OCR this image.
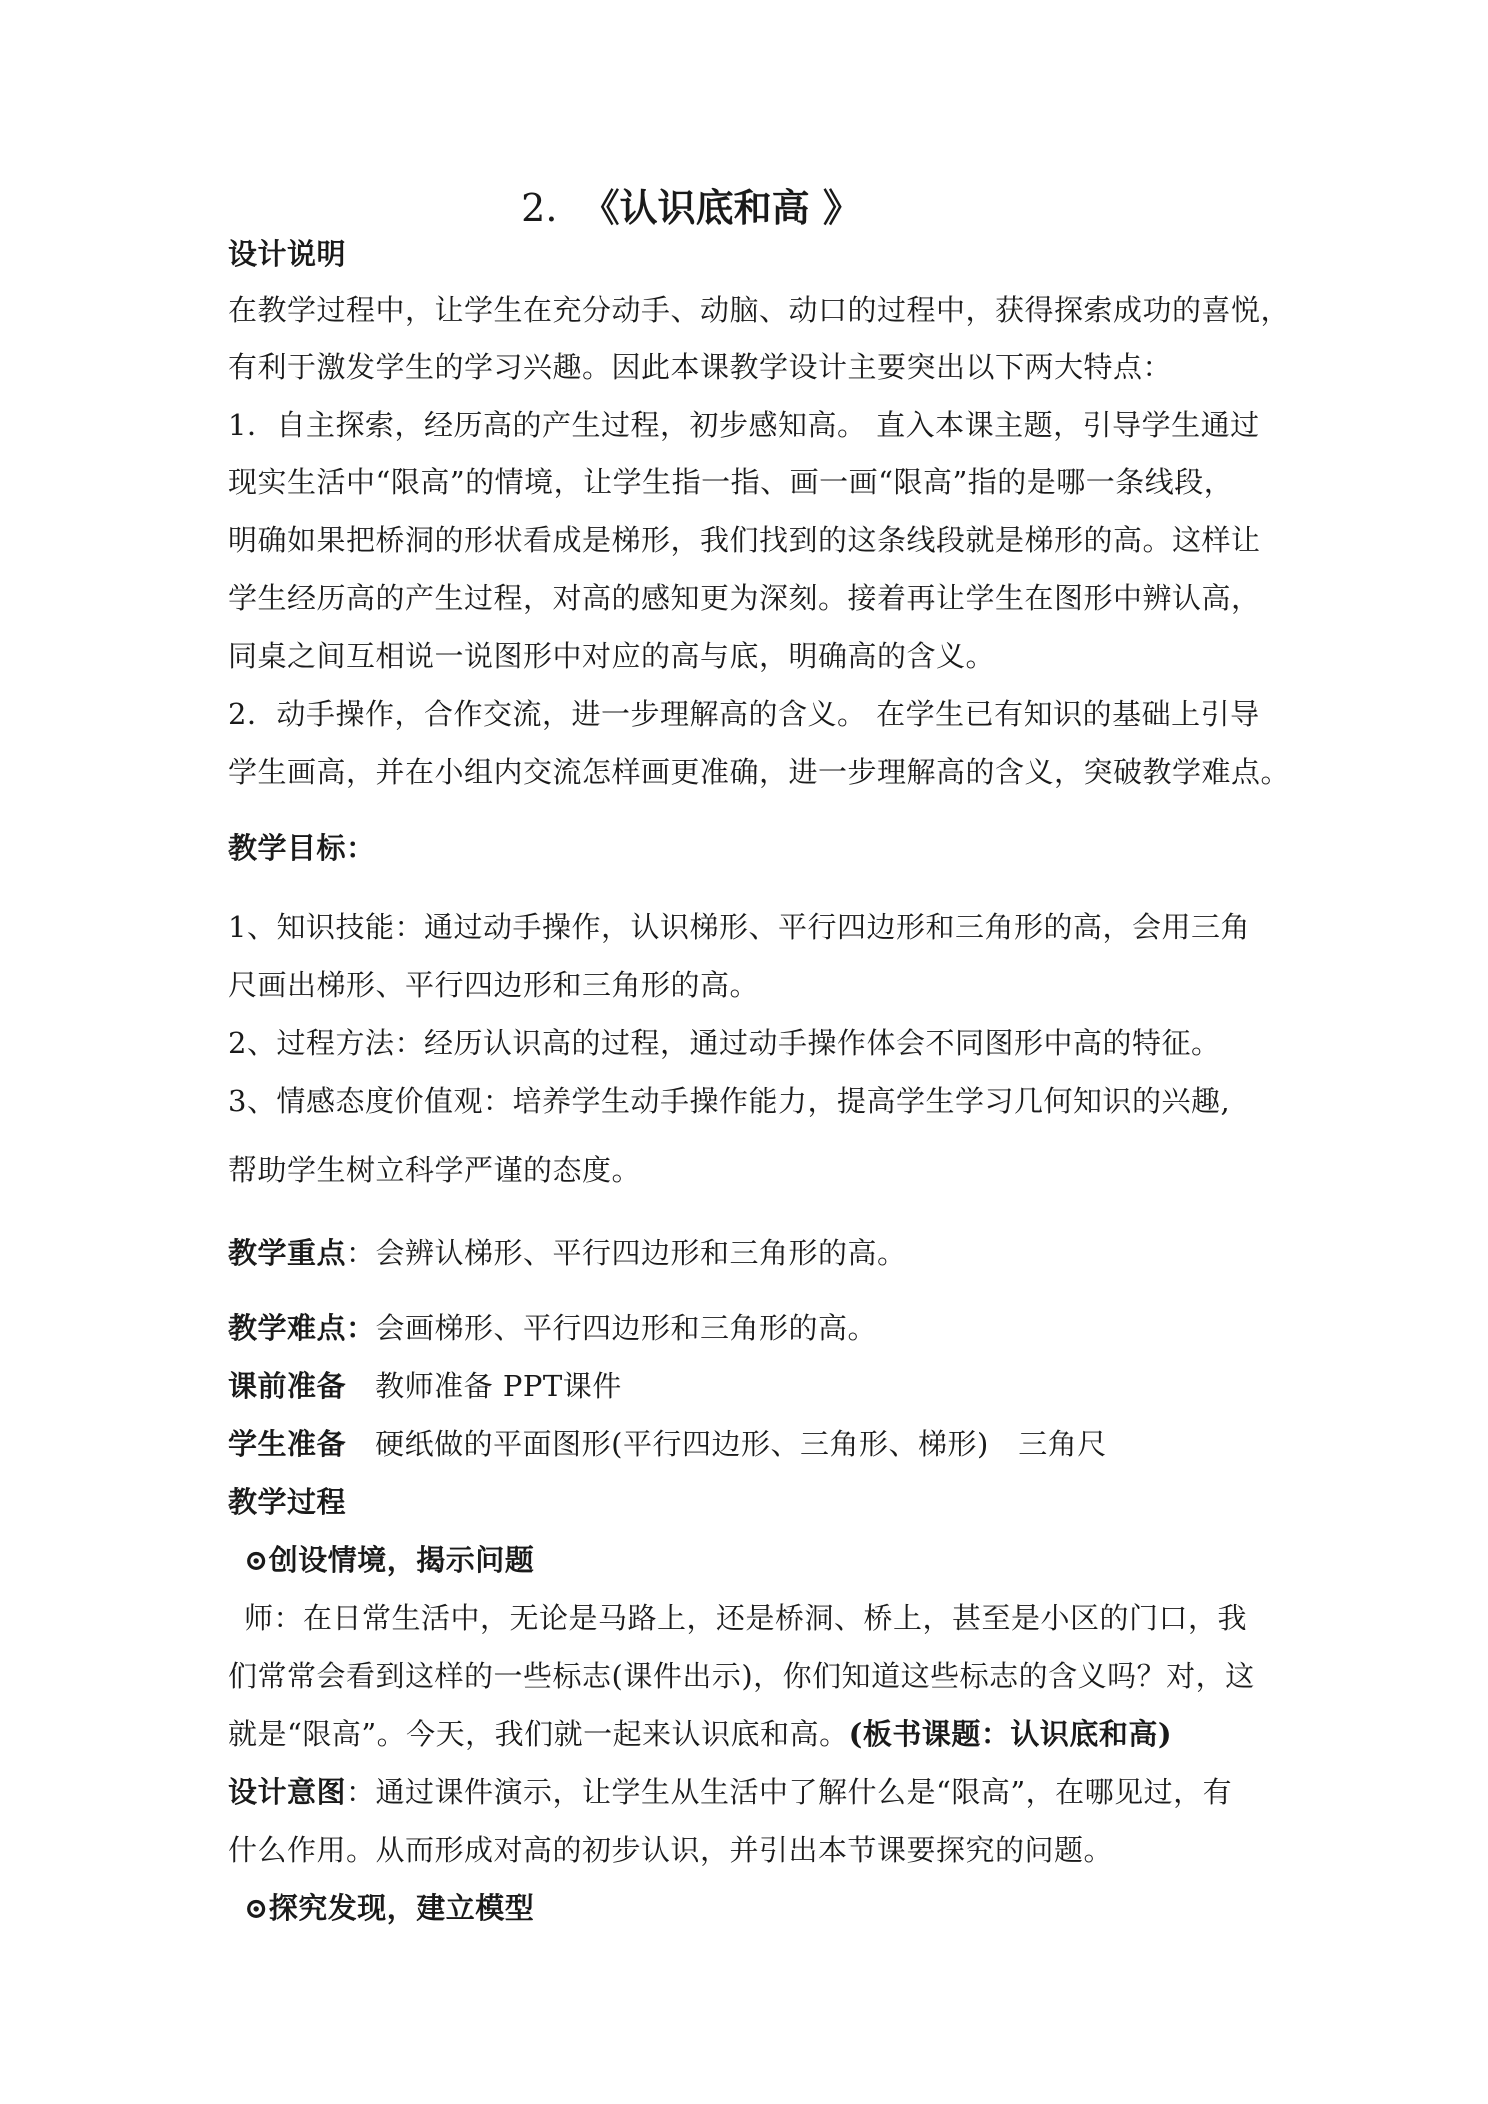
2. 《认识底和高 》
设计说明
在教学过程中，让学生在充分动手、动脑、动口的过程中，获得探索成功的喜悦，
有利于激发学生的学习兴趣。因此本课教学设计主要突出以下两大特点：
1．自主探索，经历高的产生过程，初步感知高。 直入本课主题，引导学生通过
现实生活中“限高”的情境，让学生指一指、画一画“限高”指的是哪一条线段，
明确如果把桥洞的形状看成是梯形，我们找到的这条线段就是梯形的高。这样让
学生经历高的产生过程，对高的感知更为深刻。接着再让学生在图形中辨认高，
同桌之间互相说一说图形中对应的高与底，明确高的含义。
2．动手操作，合作交流，进一步理解高的含义。 在学生已有知识的基础上引导
学生画高，并在小组内交流怎样画更准确，进一步理解高的含义，突破教学难点。
教学目标：
1、知识技能：通过动手操作，认识梯形、平行四边形和三角形的高，会用三角
尺画出梯形、平行四边形和三角形的高。
2、过程方法：经历认识高的过程，通过动手操作体会不同图形中高的特征。
3、情感态度价值观：培养学生动手操作能力，提高学生学习几何知识的兴趣,
帮助学生树立科学严谨的态度。
教学重点：会辨认梯形、平行四边形和三角形的高。
教学难点：会画梯形、平行四边形和三角形的高。
课前准备 教师准备 PPT课件
学生准备 硬纸做的平面图形(平行四边形、三角形、梯形)　三角尺
教学过程
⊙创设情境，揭示问题
师：在日常生活中，无论是马路上，还是桥洞、桥上，甚至是小区的门口，我
们常常会看到这样的一些标志(课件出示)，你们知道这些标志的含义吗？对，这
就是“限高”。今天，我们就一起来认识底和高。(板书课题：认识底和高)
设计意图：通过课件演示，让学生从生活中了解什么是“限高”，在哪见过，有
什么作用。从而形成对高的初步认识，并引出本节课要探究的问题。
⊙探究发现，建立模型
